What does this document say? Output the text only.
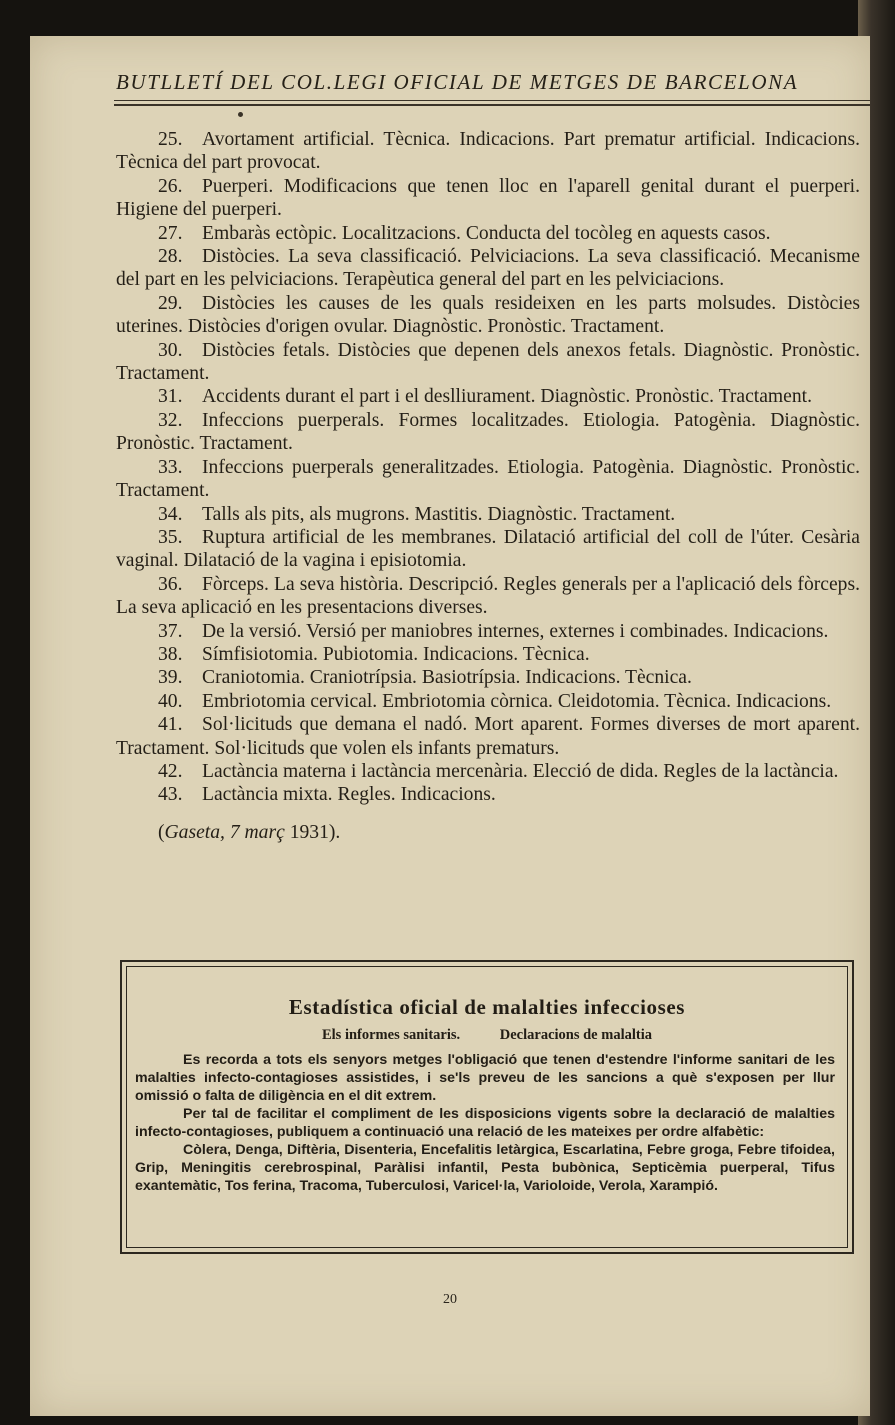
BUTLLETÍ DEL COL.LEGI OFICIAL DE METGES DE BARCELONA

25. Avortament artificial. Tècnica. Indicacions. Part prematur artificial. Indicacions. Tècnica del part provocat.

26. Puerperi. Modificacions que tenen lloc en l'aparell genital durant el puerperi. Higiene del puerperi.

27. Embaràs ectòpic. Localitzacions. Conducta del tocòleg en aquests casos.

28. Distòcies. La seva classificació. Pelviciacions. La seva classificació. Mecanisme del part en les pelviciacions. Terapèutica general del part en les pelviciacions.

29. Distòcies les causes de les quals resideixen en les parts molsudes. Distòcies uterines. Distòcies d'origen ovular. Diagnòstic. Pronòstic. Tractament.

30. Distòcies fetals. Distòcies que depenen dels anexos fetals. Diagnòstic. Pronòstic. Tractament.

31. Accidents durant el part i el deslliurament. Diagnòstic. Pronòstic. Tractament.

32. Infeccions puerperals. Formes localitzades. Etiologia. Patogènia. Diagnòstic. Pronòstic. Tractament.

33. Infeccions puerperals generalitzades. Etiologia. Patogènia. Diagnòstic. Pronòstic. Tractament.

34. Talls als pits, als mugrons. Mastitis. Diagnòstic. Tractament.

35. Ruptura artificial de les membranes. Dilatació artificial del coll de l'úter. Cesària vaginal. Dilatació de la vagina i episiotomia.

36. Fòrceps. La seva història. Descripció. Regles generals per a l'aplicació dels fòrceps. La seva aplicació en les presentacions diverses.

37. De la versió. Versió per maniobres internes, externes i combinades. Indicacions.

38. Símfisiotomia. Pubiotomia. Indicacions. Tècnica.

39. Craniotomia. Craniotrípsia. Basiotrípsia. Indicacions. Tècnica.

40. Embriotomia cervical. Embriotomia còrnica. Cleidotomia. Tècnica. Indicacions.

41. Sol·licituds que demana el nadó. Mort aparent. Formes diverses de mort aparent. Tractament. Sol·licituds que volen els infants prematurs.

42. Lactància materna i lactància mercenària. Elecció de dida. Regles de la lactància.

43. Lactància mixta. Regles. Indicacions.

(Gaseta, 7 març 1931).

Estadística oficial de malalties infeccioses
Els informes sanitaris.	Declaracions de malaltia

Es recorda a tots els senyors metges l'obligació que tenen d'estendre l'informe sanitari de les malalties infecto-contagioses assistides, i se'ls preveu de les sancions a què s'exposen per llur omissió o falta de diligència en el dit extrem.

Per tal de facilitar el compliment de les disposicions vigents sobre la declaració de malalties infecto-contagioses, publiquem a continuació una relació de les mateixes per ordre alfabètic:

Còlera, Denga, Diftèria, Disenteria, Encefalitis letàrgica, Escarlatina, Febre groga, Febre tifoidea, Grip, Meningitis cerebrospinal, Paràlisi infantil, Pesta bubònica, Septicèmia puerperal, Tifus exantemàtic, Tos ferina, Tracoma, Tuberculosi, Varicel·la, Varioloide, Verola, Xarampió.

20
